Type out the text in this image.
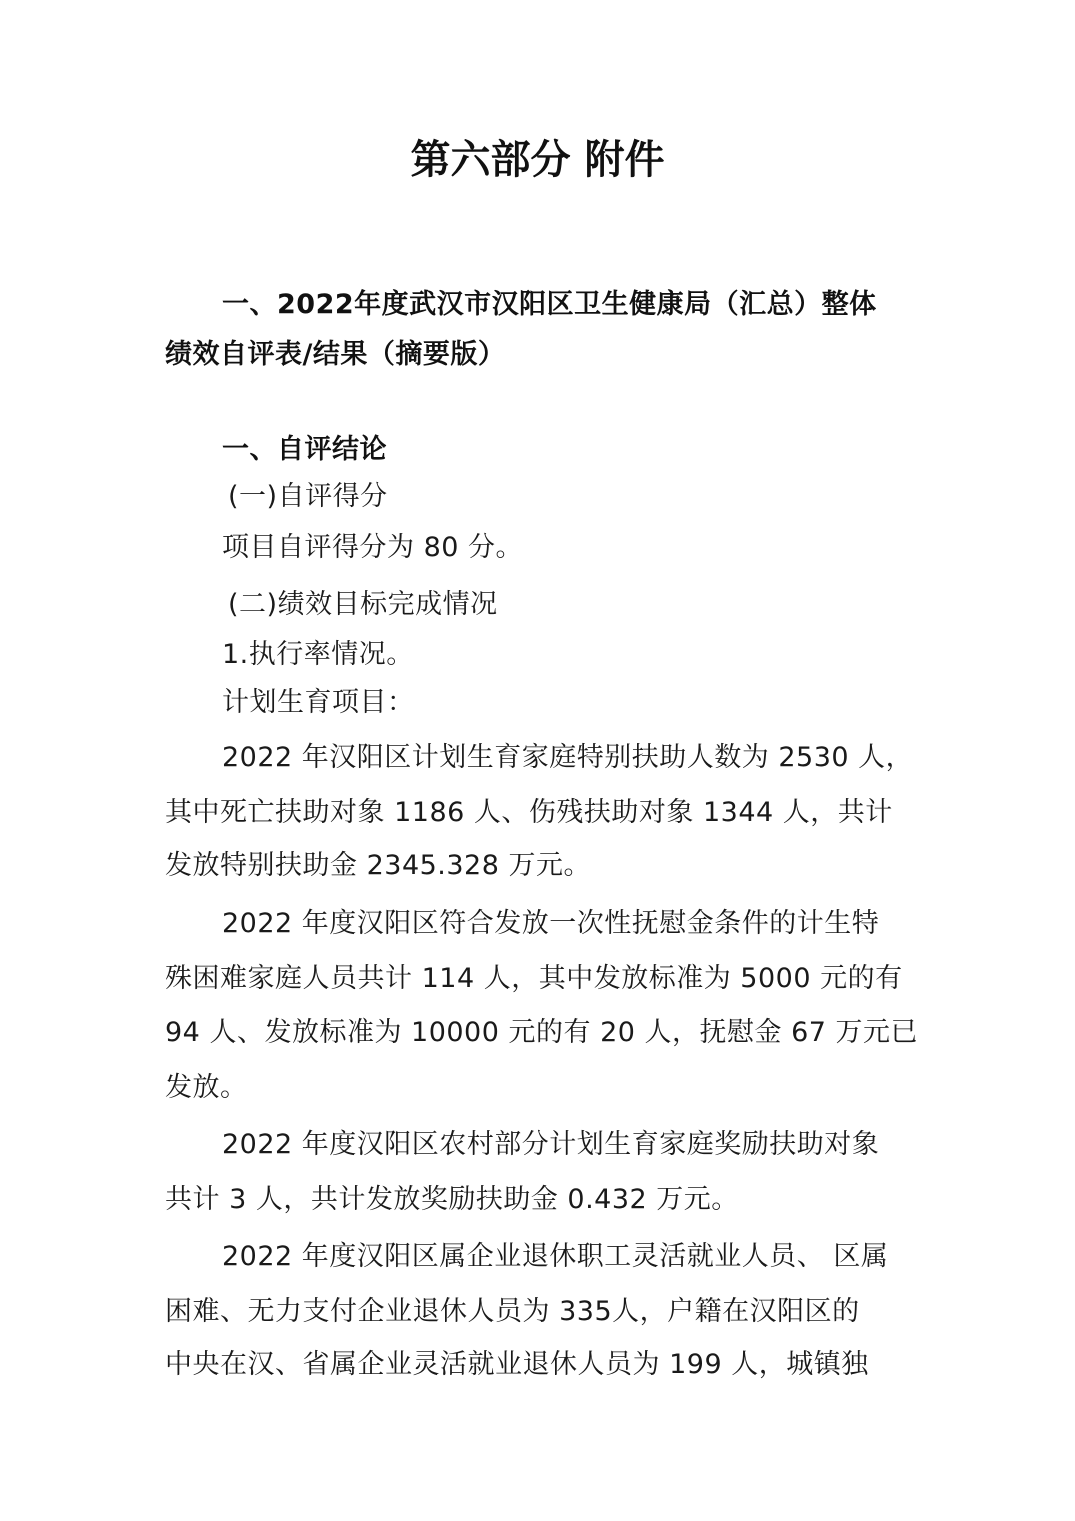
第六部分 附件
一、2022年度武汉市汉阳区卫生健康局（汇总）整体
绩效自评表/结果（摘要版）
一、自评结论
(一)自评得分
项目自评得分为 80 分。
(二)绩效目标完成情况
1.执行率情况。
计划生育项目：
2022 年汉阳区计划生育家庭特别扶助人数为 2530 人，
其中死亡扶助对象 1186 人、伤残扶助对象 1344 人，共计
发放特别扶助金 2345.328 万元。
2022 年度汉阳区符合发放一次性抚慰金条件的计生特
殊困难家庭人员共计 114 人，其中发放标准为 5000 元的有
94 人、发放标准为 10000 元的有 20 人，抚慰金 67 万元已
发放。
2022 年度汉阳区农村部分计划生育家庭奖励扶助对象
共计 3 人，共计发放奖励扶助金 0.432 万元。
2022 年度汉阳区属企业退休职工灵活就业人员、 区属
困难、无力支付企业退休人员为 335人，户籍在汉阳区的
中央在汉、省属企业灵活就业退休人员为 199 人，城镇独
